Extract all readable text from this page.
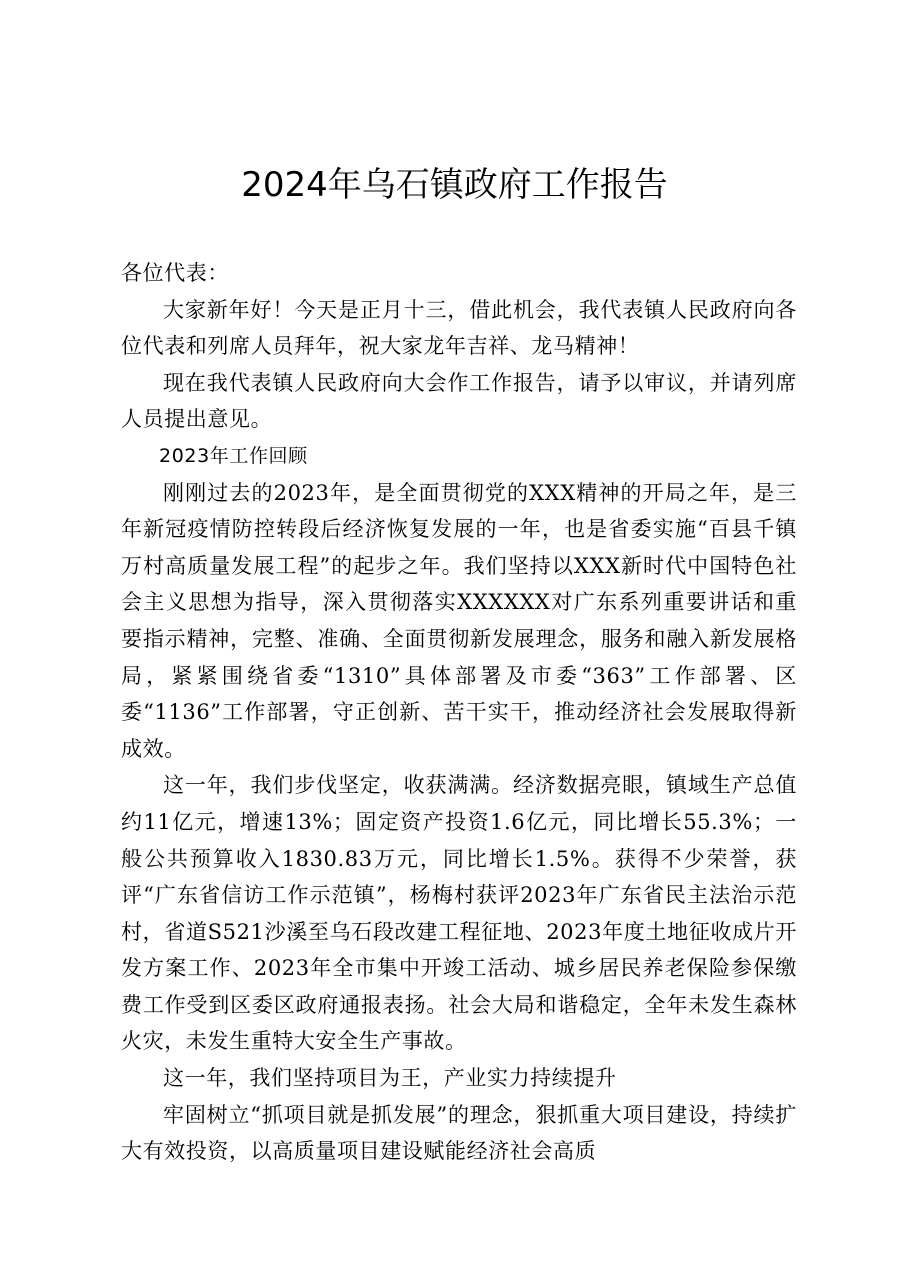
2024年乌石镇政府工作报告

各位代表：

大家新年好！今天是正月十三，借此机会，我代表镇人民政府向各位代表和列席人员拜年，祝大家龙年吉祥、龙马精神！

现在我代表镇人民政府向大会作工作报告，请予以审议，并请列席人员提出意见。

2023年工作回顾

刚刚过去的2023年，是全面贯彻党的XXX精神的开局之年，是三年新冠疫情防控转段后经济恢复发展的一年，也是省委实施“百县千镇万村高质量发展工程”的起步之年。我们坚持以XXX新时代中国特色社会主义思想为指导，深入贯彻落实XXXXXX对广东系列重要讲话和重要指示精神，完整、准确、全面贯彻新发展理念，服务和融入新发展格局，紧紧围绕省委“1310”具体部署及市委“363”工作部署、区委“1136”工作部署，守正创新、苦干实干，推动经济社会发展取得新成效。

这一年，我们步伐坚定，收获满满。经济数据亮眼，镇域生产总值约11亿元，增速13%；固定资产投资1.6亿元，同比增长55.3%；一般公共预算收入1830.83万元，同比增长1.5%。获得不少荣誉，获评“广东省信访工作示范镇”，杨梅村获评2023年广东省民主法治示范村，省道S521沙溪至乌石段改建工程征地、2023年度土地征收成片开发方案工作、2023年全市集中开竣工活动、城乡居民养老保险参保缴费工作受到区委区政府通报表扬。社会大局和谐稳定，全年未发生森林火灾，未发生重特大安全生产事故。

这一年，我们坚持项目为王，产业实力持续提升

牢固树立“抓项目就是抓发展”的理念，狠抓重大项目建设，持续扩大有效投资，以高质量项目建设赋能经济社会高质
